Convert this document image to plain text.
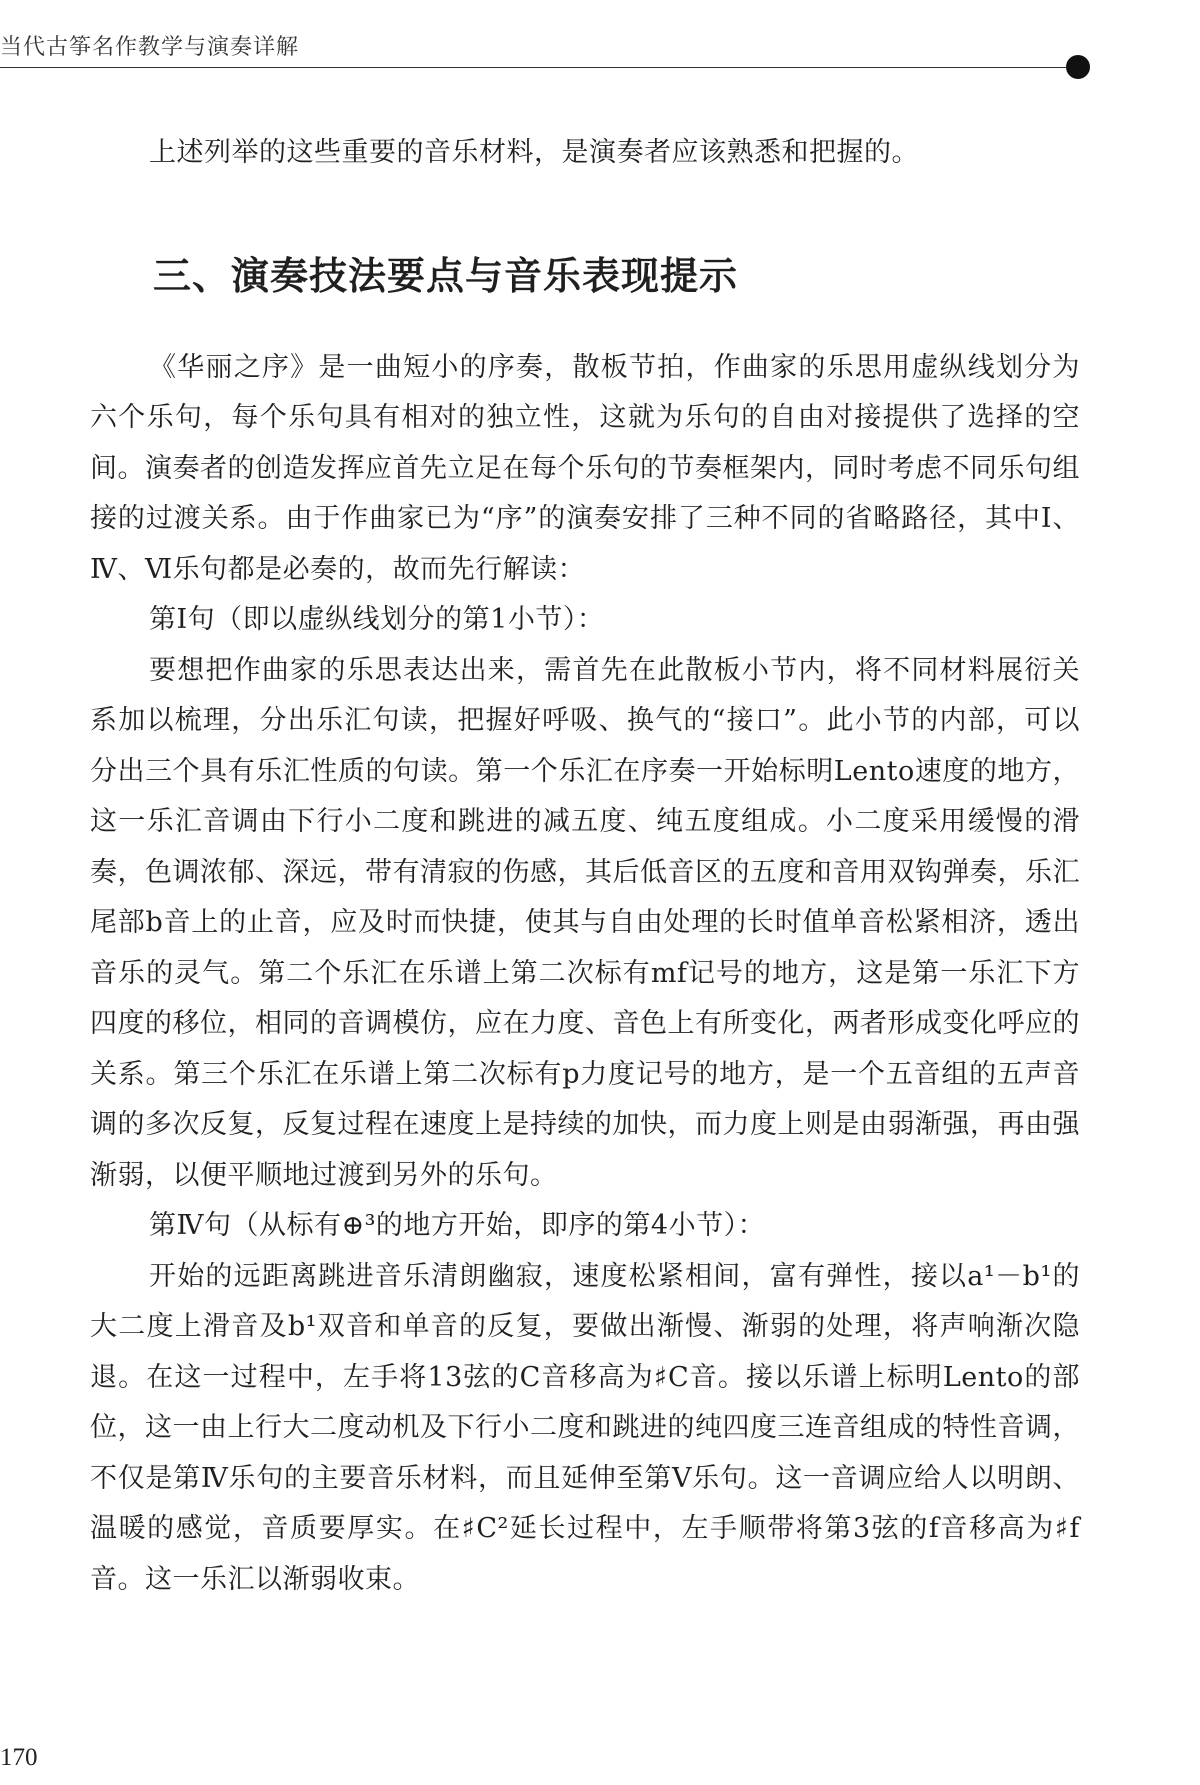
当代古筝名作教学与演奏详解

上述列举的这些重要的音乐材料，是演奏者应该熟悉和把握的。

三、演奏技法要点与音乐表现提示

《华丽之序》是一曲短小的序奏，散板节拍，作曲家的乐思用虚纵线划分为六个乐句，每个乐句具有相对的独立性，这就为乐句的自由对接提供了选择的空间。演奏者的创造发挥应首先立足在每个乐句的节奏框架内，同时考虑不同乐句组接的过渡关系。由于作曲家已为“序”的演奏安排了三种不同的省略路径，其中Ⅰ、Ⅳ、Ⅵ乐句都是必奏的，故而先行解读：

第Ⅰ句（即以虚纵线划分的第1小节）：

要想把作曲家的乐思表达出来，需首先在此散板小节内，将不同材料展衍关系加以梳理，分出乐汇句读，把握好呼吸、换气的“接口”。此小节的内部，可以分出三个具有乐汇性质的句读。第一个乐汇在序奏一开始标明Lento速度的地方，这一乐汇音调由下行小二度和跳进的减五度、纯五度组成。小二度采用缓慢的滑奏，色调浓郁、深远，带有清寂的伤感，其后低音区的五度和音用双钩弹奏，乐汇尾部b音上的止音，应及时而快捷，使其与自由处理的长时值单音松紧相济，透出音乐的灵气。第二个乐汇在乐谱上第二次标有mf记号的地方，这是第一乐汇下方四度的移位，相同的音调模仿，应在力度、音色上有所变化，两者形成变化呼应的关系。第三个乐汇在乐谱上第二次标有p力度记号的地方，是一个五音组的五声音调的多次反复，反复过程在速度上是持续的加快，而力度上则是由弱渐强，再由强渐弱，以便平顺地过渡到另外的乐句。

第Ⅳ句（从标有⊕³的地方开始，即序的第4小节）：

开始的远距离跳进音乐清朗幽寂，速度松紧相间，富有弹性，接以a¹－b¹的大二度上滑音及b¹双音和单音的反复，要做出渐慢、渐弱的处理，将声响渐次隐退。在这一过程中，左手将13弦的C音移高为♯C音。接以乐谱上标明Lento的部位，这一由上行大二度动机及下行小二度和跳进的纯四度三连音组成的特性音调，不仅是第Ⅳ乐句的主要音乐材料，而且延伸至第Ⅴ乐句。这一音调应给人以明朗、温暖的感觉，音质要厚实。在♯C²延长过程中，左手顺带将第3弦的f音移高为♯f音。这一乐汇以渐弱收束。

170
